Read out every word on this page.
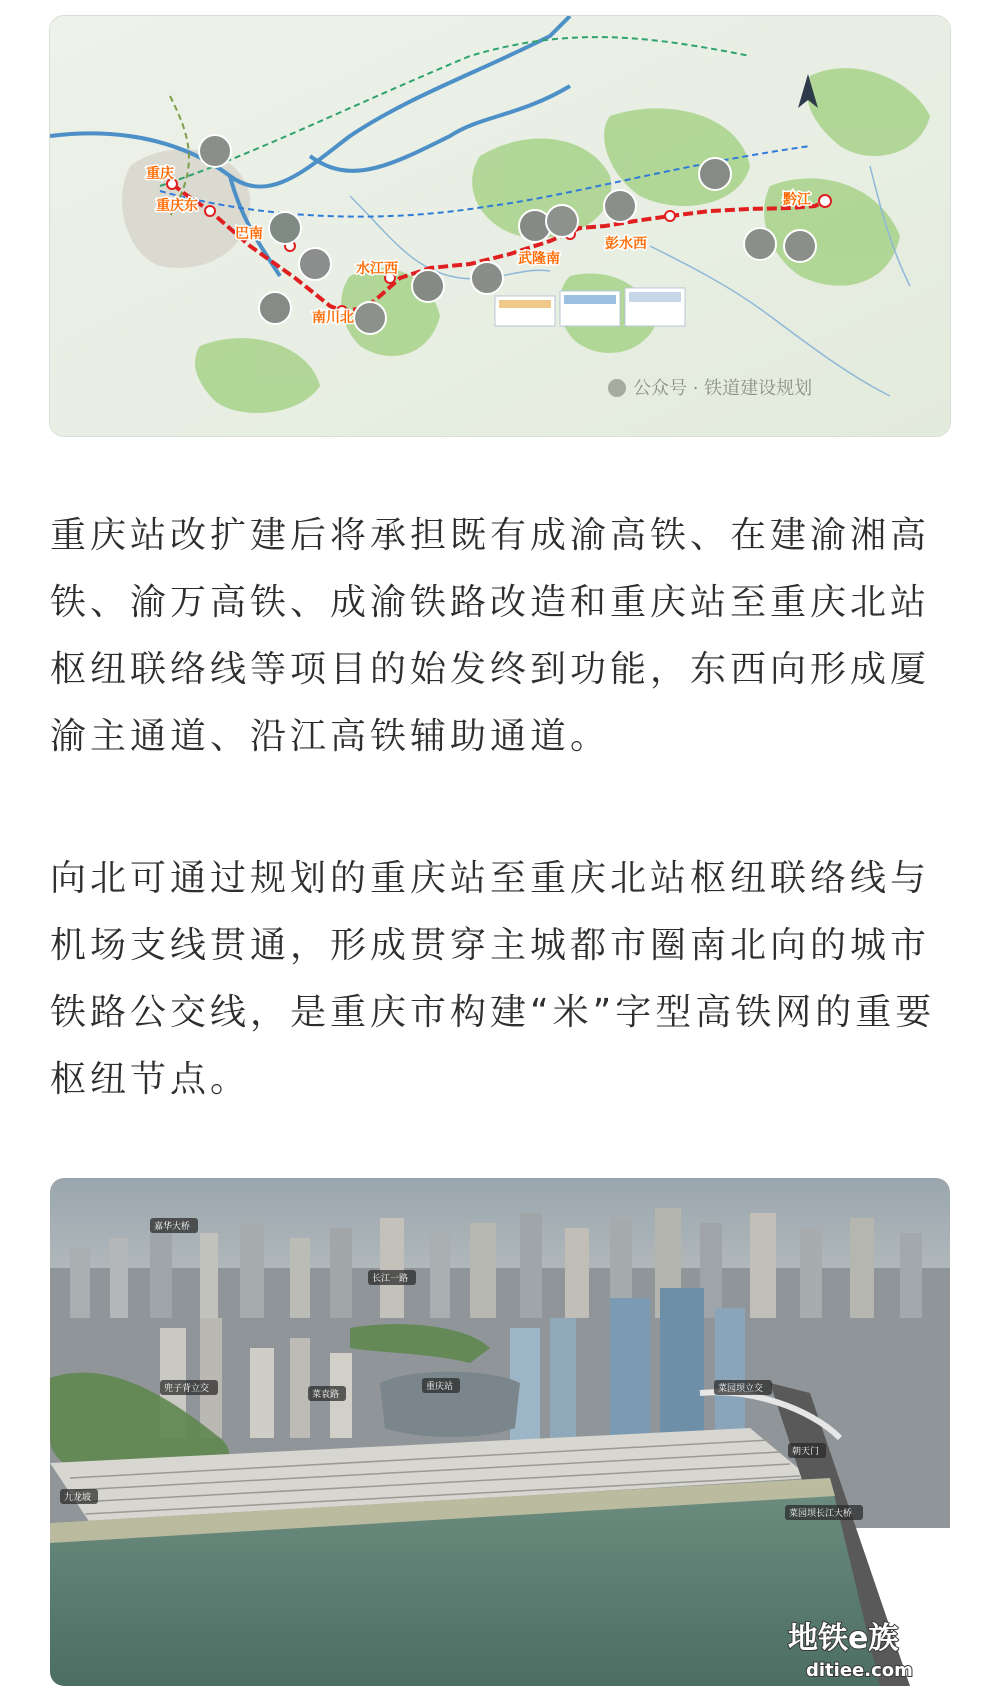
重庆
重庆东
巴南
水江西
南川北
武隆南
彭水西
黔江
公众号 · 铁道建设规划

重庆站改扩建后将承担既有成渝高铁、在建渝湘高铁、渝万高铁、成渝铁路改造和重庆站至重庆北站枢纽联络线等项目的始发终到功能，东西向形成厦渝主通道、沿江高铁辅助通道。

向北可通过规划的重庆站至重庆北站枢纽联络线与机场支线贯通，形成贯穿主城都市圈南北向的城市铁路公交线，是重庆市构建“米”字型高铁网的重要枢纽节点。

嘉华大桥
长江一路
兜子背立交
菜袁路
重庆站	菜园坝立交
朝天门
九龙坡
菜园坝长江大桥
地铁e族
ditiee.com
